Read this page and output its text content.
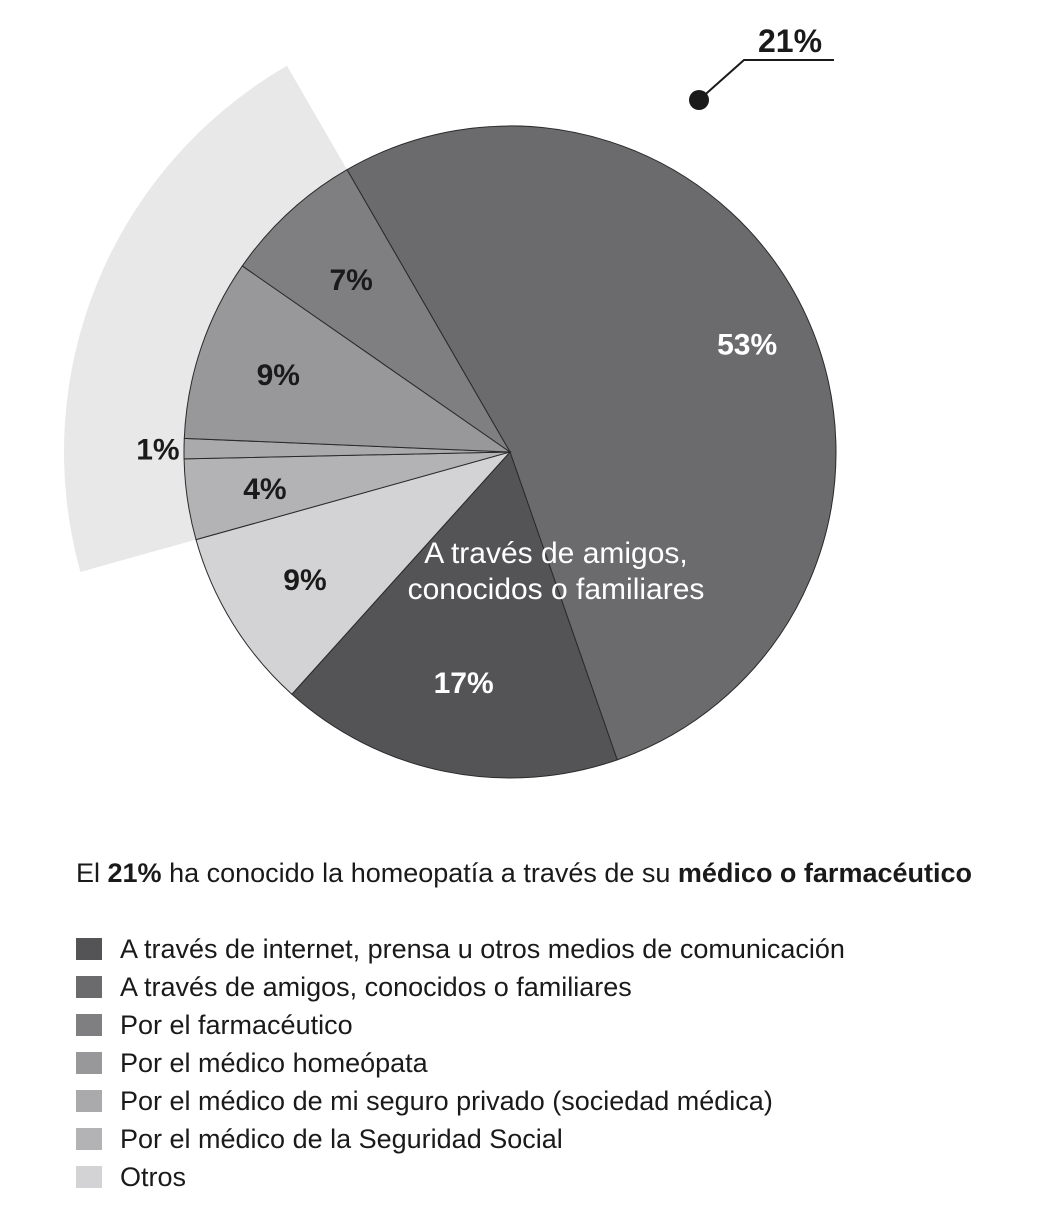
53%
17%
9%
4%
1%
9%
7%
A través de amigos,
conocidos o familiares
21%
El 21% ha conocido la homeopatía a través de su médico o farmacéutico
A través de internet, prensa u otros medios de comunicación
A través de amigos, conocidos o familiares
Por el farmacéutico
Por el médico homeópata
Por el médico de mi seguro privado (sociedad médica)
Por el médico de la Seguridad Social
Otros
